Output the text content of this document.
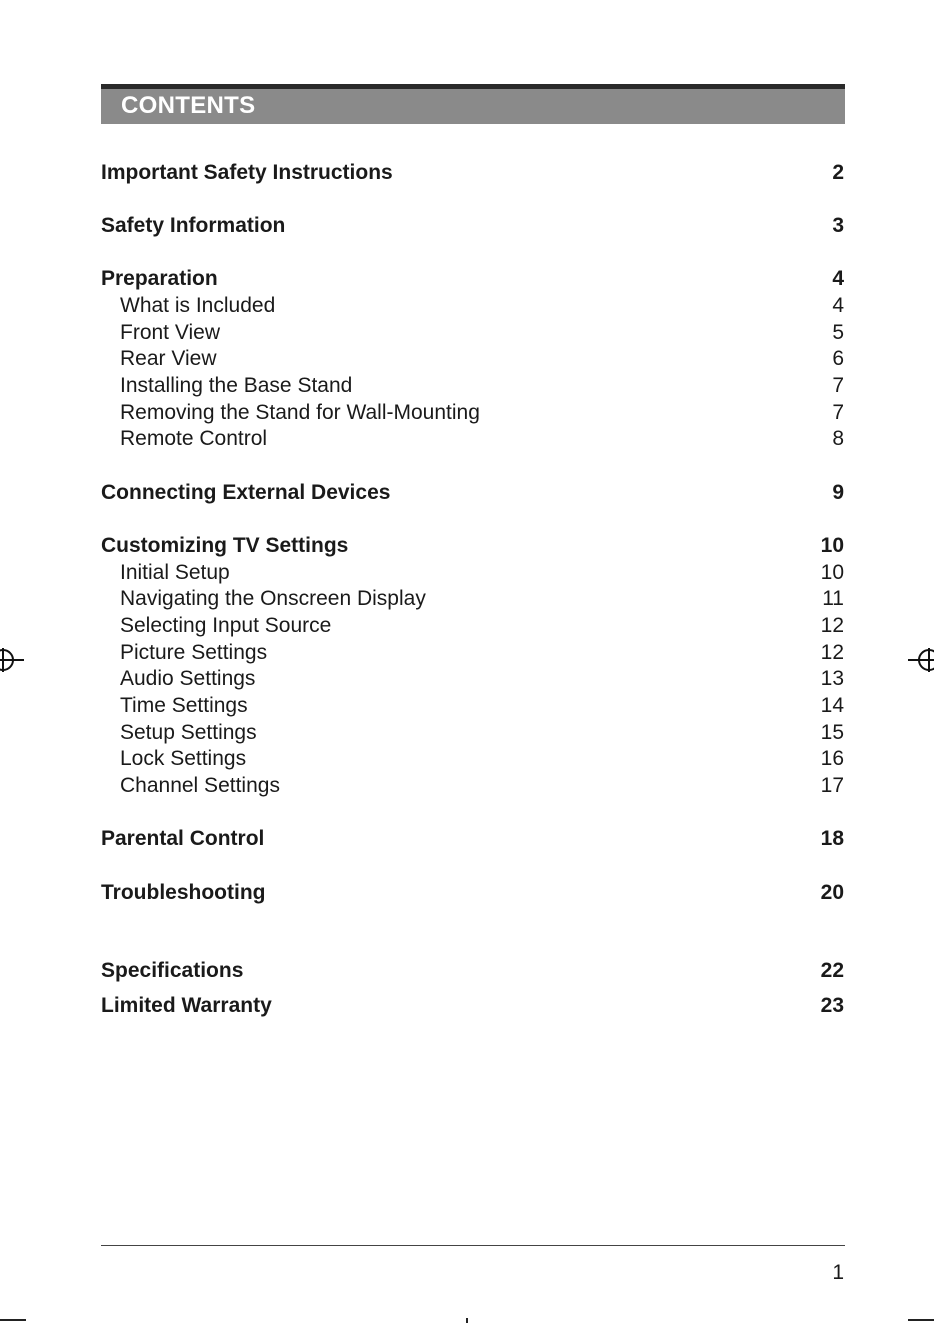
CONTENTS
Important Safety Instructions	2
Safety Information	3
Preparation	4
What is Included	4
Front View	5
Rear View	6
Installing the Base Stand	7
Removing the Stand for Wall-Mounting	7
Remote Control	8
Connecting External Devices	9
Customizing TV Settings	10
Initial Setup	10
Navigating the Onscreen Display	11
Selecting Input Source	12
Picture Settings	12
Audio Settings	13
Time Settings	14
Setup Settings	15
Lock Settings	16
Channel Settings	17
Parental Control	18
Troubleshooting	20
Specifications	22
Limited Warranty	23
1
